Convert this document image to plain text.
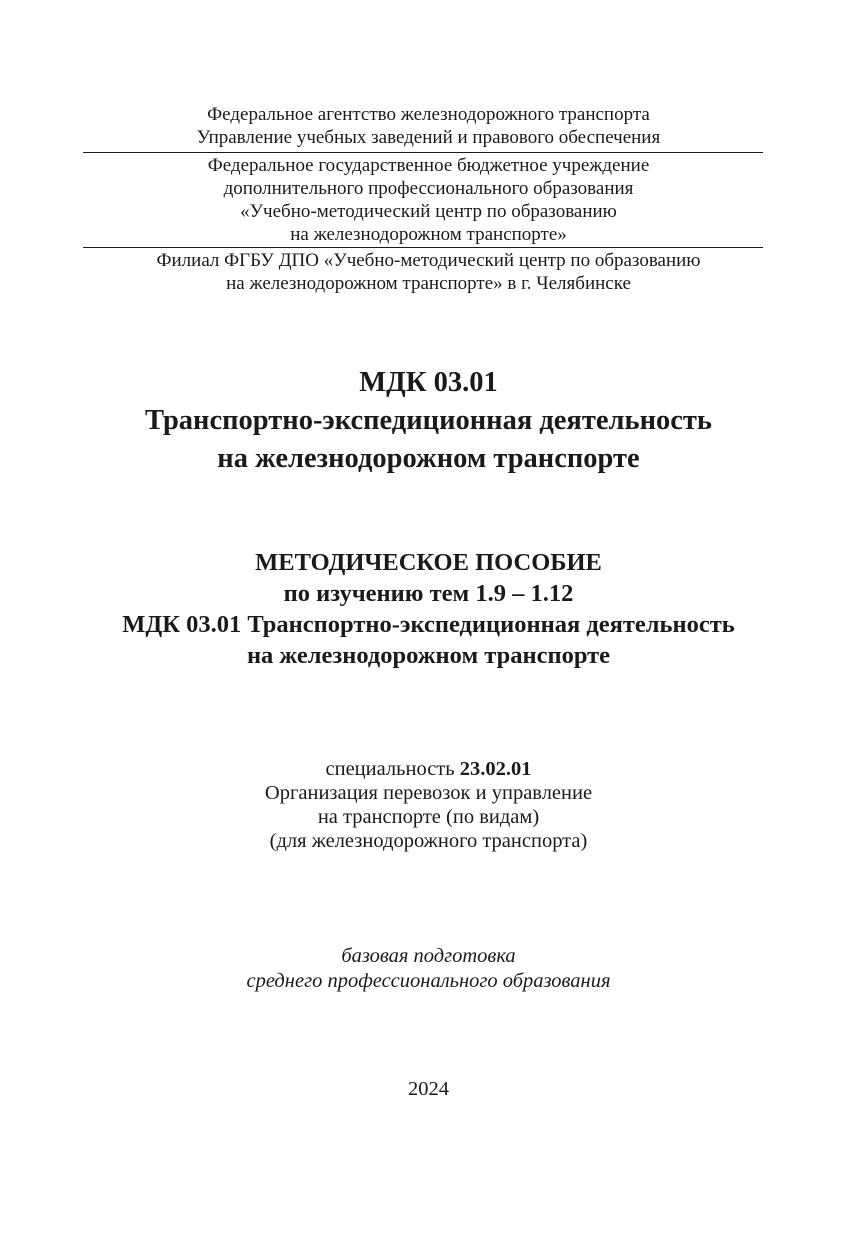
Федеральное агентство железнодорожного транспорта
Управление учебных заведений и правового обеспечения
Федеральное государственное бюджетное учреждение
дополнительного профессионального образования
«Учебно-методический центр по образованию
на железнодорожном транспорте»
Филиал ФГБУ ДПО «Учебно-методический центр по образованию
на железнодорожном транспорте» в г. Челябинске
МДК 03.01
Транспортно-экспедиционная деятельность
на железнодорожном транспорте
МЕТОДИЧЕСКОЕ ПОСОБИЕ
по изучению тем 1.9 – 1.12
МДК 03.01 Транспортно-экспедиционная деятельность
на железнодорожном транспорте
специальность 23.02.01
Организация перевозок и управление
на транспорте (по видам)
(для железнодорожного транспорта)
базовая подготовка
среднего профессионального образования
2024
